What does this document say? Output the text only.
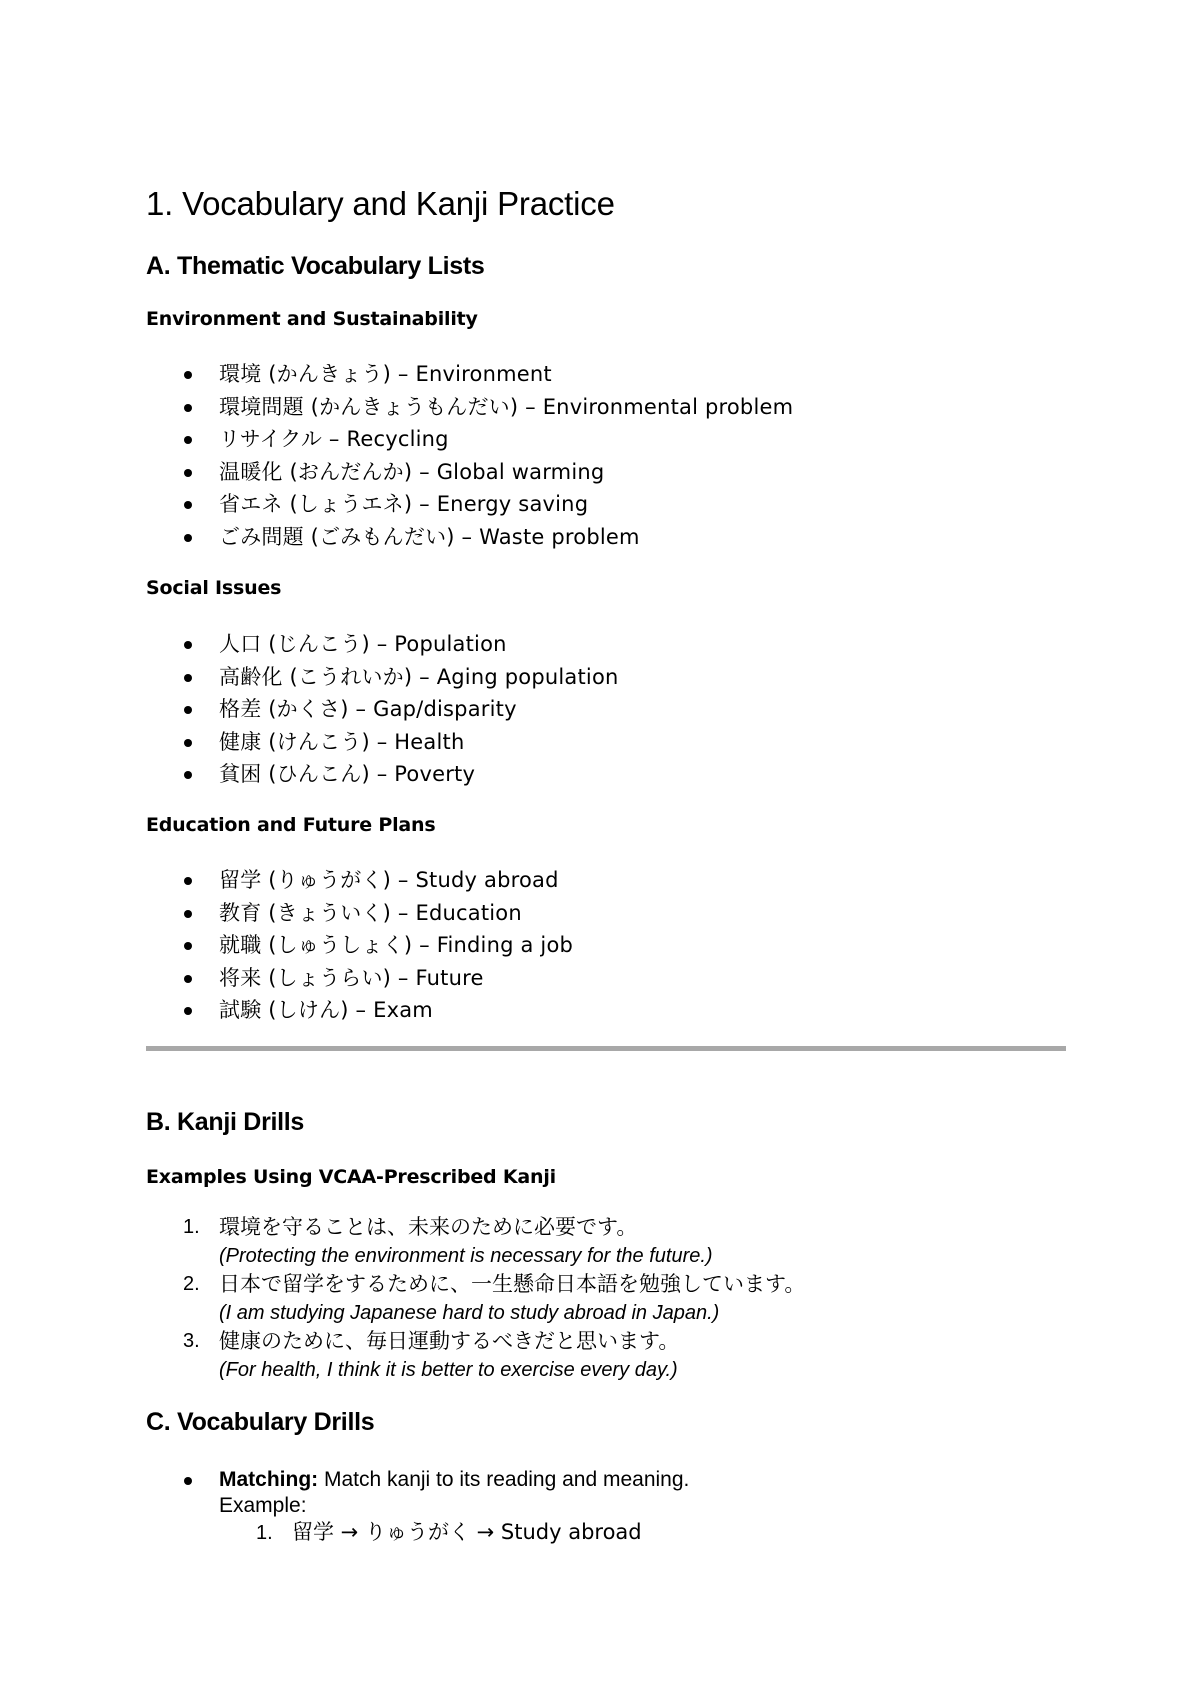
1. Vocabulary and Kanji Practice
A. Thematic Vocabulary Lists
Environment and Sustainability
環境 (かんきょう) – Environment
環境問題 (かんきょうもんだい) – Environmental problem
リサイクル – Recycling
温暖化 (おんだんか) – Global warming
省エネ (しょうエネ) – Energy saving
ごみ問題 (ごみもんだい) – Waste problem
Social Issues
人口 (じんこう) – Population
高齢化 (こうれいか) – Aging population
格差 (かくさ) – Gap/disparity
健康 (けんこう) – Health
貧困 (ひんこん) – Poverty
Education and Future Plans
留学 (りゅうがく) – Study abroad
教育 (きょういく) – Education
就職 (しゅうしょく) – Finding a job
将来 (しょうらい) – Future
試験 (しけん) – Exam
B. Kanji Drills
Examples Using VCAA-Prescribed Kanji
1. 環境を守ることは、未来のために必要です。
(Protecting the environment is necessary for the future.)
2. 日本で留学をするために、一生懸命日本語を勉強しています。
(I am studying Japanese hard to study abroad in Japan.)
3. 健康のために、毎日運動するべきだと思います。
(For health, I think it is better to exercise every day.)
C. Vocabulary Drills
Matching: Match kanji to its reading and meaning.
Example:
1. 留学 → りゅうがく → Study abroad
